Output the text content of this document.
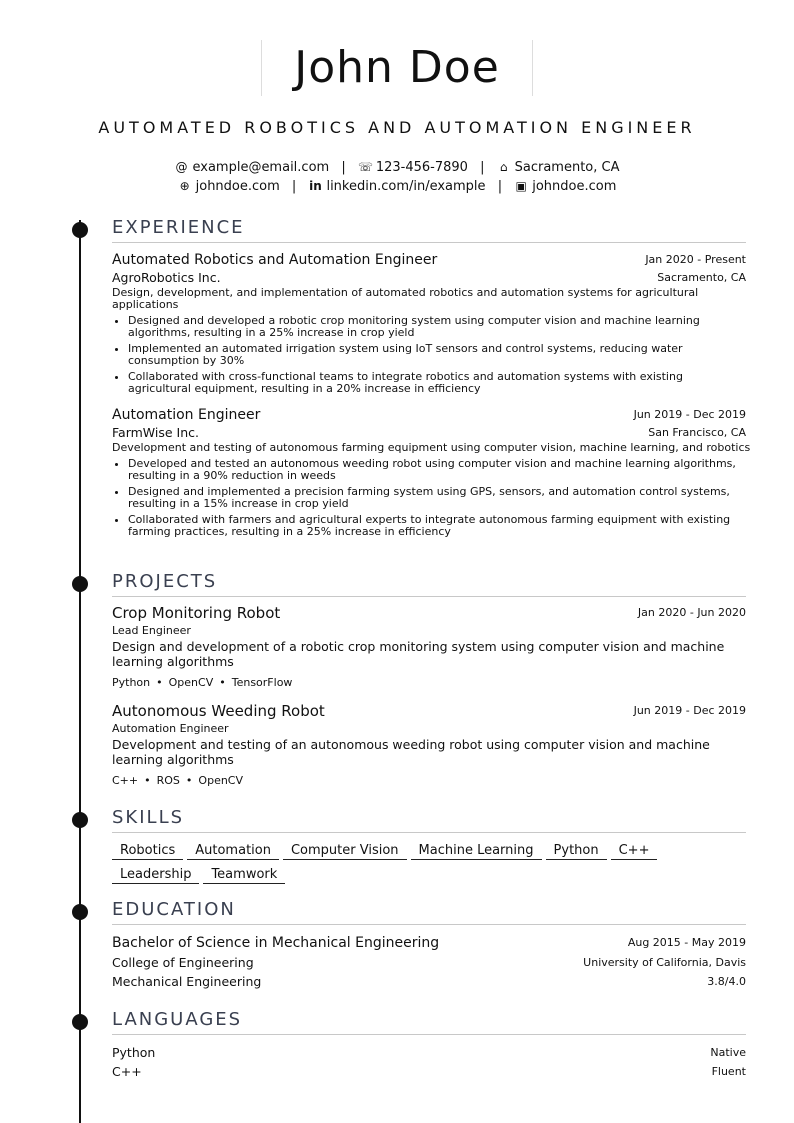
John Doe
AUTOMATED ROBOTICS AND AUTOMATION ENGINEER
@ example@email.com | ☏ 123-456-7890 | ⌂ Sacramento, CA
⊕ johndoe.com | in linkedin.com/in/example | ▣ johndoe.com
EXPERIENCE
Automated Robotics and Automation Engineer	Jan 2020 - Present
AgroRobotics Inc.	Sacramento, CA
Design, development, and implementation of automated robotics and automation systems for agricultural applications
• Designed and developed a robotic crop monitoring system using computer vision and machine learning algorithms, resulting in a 25% increase in crop yield
• Implemented an automated irrigation system using IoT sensors and control systems, reducing water consumption by 30%
• Collaborated with cross-functional teams to integrate robotics and automation systems with existing agricultural equipment, resulting in a 20% increase in efficiency
Automation Engineer	Jun 2019 - Dec 2019
FarmWise Inc.	San Francisco, CA
Development and testing of autonomous farming equipment using computer vision, machine learning, and robotics
• Developed and tested an autonomous weeding robot using computer vision and machine learning algorithms, resulting in a 90% reduction in weeds
• Designed and implemented a precision farming system using GPS, sensors, and automation control systems, resulting in a 15% increase in crop yield
• Collaborated with farmers and agricultural experts to integrate autonomous farming equipment with existing farming practices, resulting in a 25% increase in efficiency
PROJECTS
Crop Monitoring Robot	Jan 2020 - Jun 2020
Lead Engineer
Design and development of a robotic crop monitoring system using computer vision and machine learning algorithms
Python • OpenCV • TensorFlow
Autonomous Weeding Robot	Jun 2019 - Dec 2019
Automation Engineer
Development and testing of an autonomous weeding robot using computer vision and machine learning algorithms
C++ • ROS • OpenCV
SKILLS
Robotics Automation Computer Vision Machine Learning Python C++
Leadership Teamwork
EDUCATION
Bachelor of Science in Mechanical Engineering	Aug 2015 - May 2019
College of Engineering	University of California, Davis
Mechanical Engineering	3.8/4.0
LANGUAGES
Python	Native
C++	Fluent
